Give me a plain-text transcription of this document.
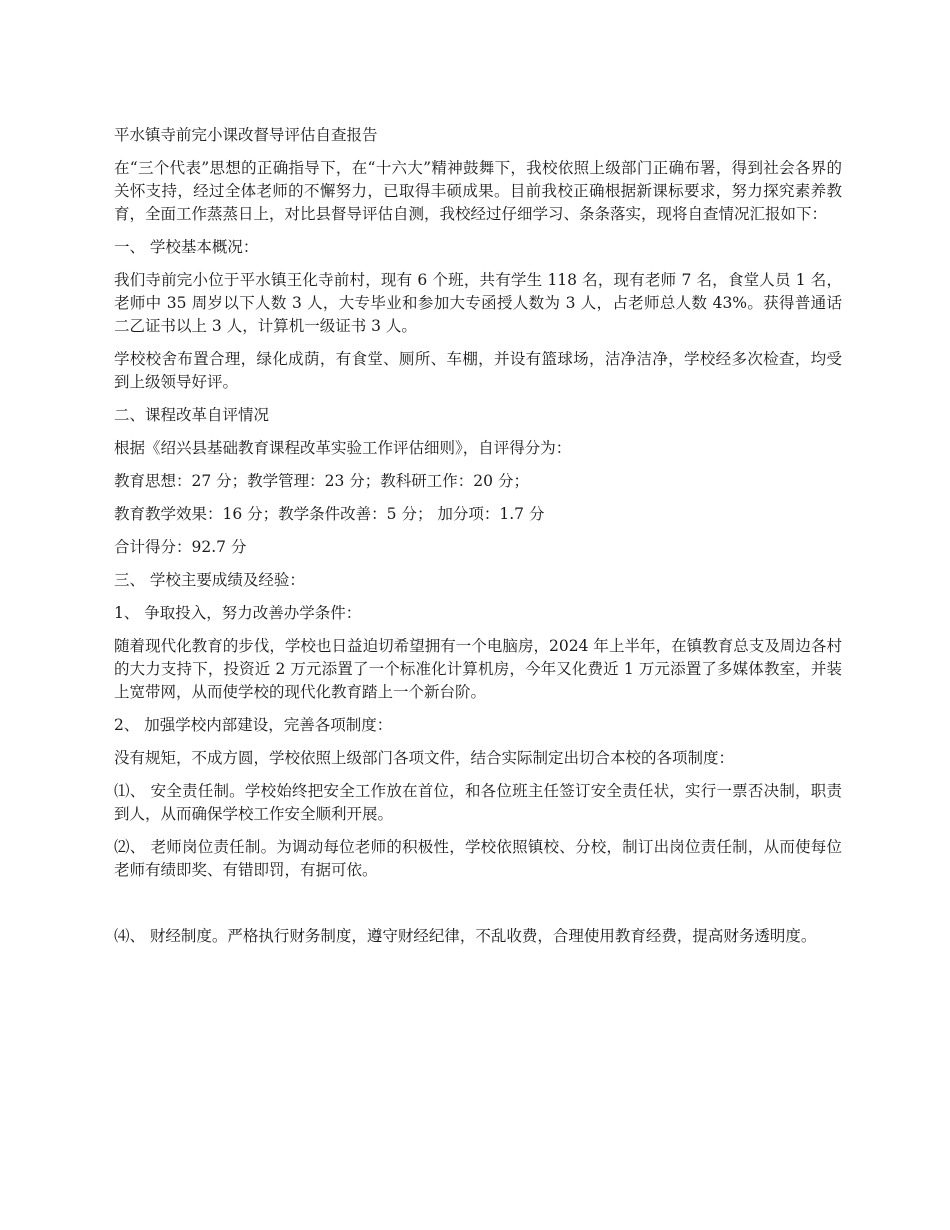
平水镇寺前完小课改督导评估自查报告
在“三个代表”思想的正确指导下，在“十六大”精神鼓舞下，我校依照上级部门正确布署，得到社会各界的关怀支持，经过全体老师的不懈努力，已取得丰硕成果。目前我校正确根据新课标要求，努力探究素养教育，全面工作蒸蒸日上，对比县督导评估自测，我校经过仔细学习、条条落实，现将自查情况汇报如下：
一、 学校基本概况：
我们寺前完小位于平水镇王化寺前村，现有 6 个班，共有学生 118 名，现有老师 7 名，食堂人员 1 名，老师中 35 周岁以下人数 3 人，大专毕业和参加大专函授人数为 3 人，占老师总人数 43%。获得普通话二乙证书以上 3 人，计算机一级证书 3 人。
学校校舍布置合理，绿化成荫，有食堂、厕所、车棚，并设有篮球场，洁净洁净，学校经多次检查，均受到上级领导好评。
二、课程改革自评情况
根据《绍兴县基础教育课程改革实验工作评估细则》，自评得分为：
教育思想：27 分；教学管理：23 分；教科研工作：20 分；
教育教学效果：16 分；教学条件改善：5 分； 加分项：1.7 分
合计得分：92.7 分
三、 学校主要成绩及经验：
1、 争取投入，努力改善办学条件：
随着现代化教育的步伐，学校也日益迫切希望拥有一个电脑房，2024 年上半年，在镇教育总支及周边各村的大力支持下，投资近 2 万元添置了一个标准化计算机房，今年又化费近 1 万元添置了多媒体教室，并装上宽带网，从而使学校的现代化教育踏上一个新台阶。
2、 加强学校内部建设，完善各项制度：
没有规矩，不成方圆，学校依照上级部门各项文件，结合实际制定出切合本校的各项制度：
⑴、 安全责任制。学校始终把安全工作放在首位，和各位班主任签订安全责任状，实行一票否决制，职责到人，从而确保学校工作安全顺利开展。
⑵、 老师岗位责任制。为调动每位老师的积极性，学校依照镇校、分校，制订出岗位责任制，从而使每位老师有绩即奖、有错即罚，有据可依。
⑷、 财经制度。严格执行财务制度，遵守财经纪律，不乱收费，合理使用教育经费，提高财务透明度。
